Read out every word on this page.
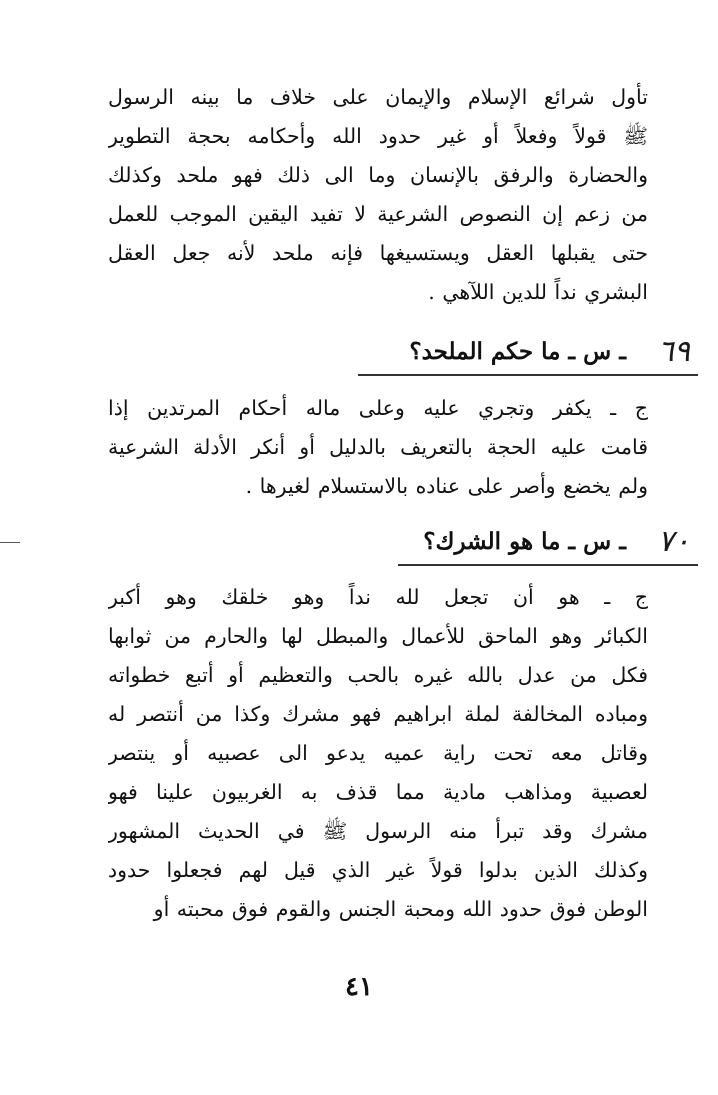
تأول شرائع الإسلام والإيمان على خلاف ما بينه الرسول
ﷺ قولاً وفعلاً أو غير حدود الله وأحكامه بحجة التطوير
والحضارة والرفق بالإنسان وما الى ذلك فهو ملحد وكذلك
من زعم إن النصوص الشرعية لا تفيد اليقين الموجب للعمل
حتى يقبلها العقل ويستسيغها فإنه ملحد لأنه جعل العقل
البشري نداً للدين اللآهي .

٦٩
ـ س ـ ما حكم الملحد؟

ج ـ يكفر وتجري عليه وعلى ماله أحكام المرتدين إذا
قامت عليه الحجة بالتعريف بالدليل أو أنكر الأدلة الشرعية
ولم يخضع وأصر على عناده بالاستسلام لغيرها .

٧٠
ـ س ـ ما هو الشرك؟

ج ـ هو أن تجعل لله نداً وهو خلقك وهو أكبر
الكبائر وهو الماحق للأعمال والمبطل لها والحارم من ثوابها
فكل من عدل بالله غيره بالحب والتعظيم أو أتبع خطواته
ومباده المخالفة لملة ابراهيم فهو مشرك وكذا من أنتصر له
وقاتل معه تحت راية عميه يدعو الى عصبيه أو ينتصر
لعصبية ومذاهب مادية مما قذف به الغربيون علينا فهو
مشرك وقد تبرأ منه الرسول ﷺ في الحديث المشهور
وكذلك الذين بدلوا قولاً غير الذي قيل لهم فجعلوا حدود
الوطن فوق حدود الله ومحبة الجنس والقوم فوق محبته أو

٤١
